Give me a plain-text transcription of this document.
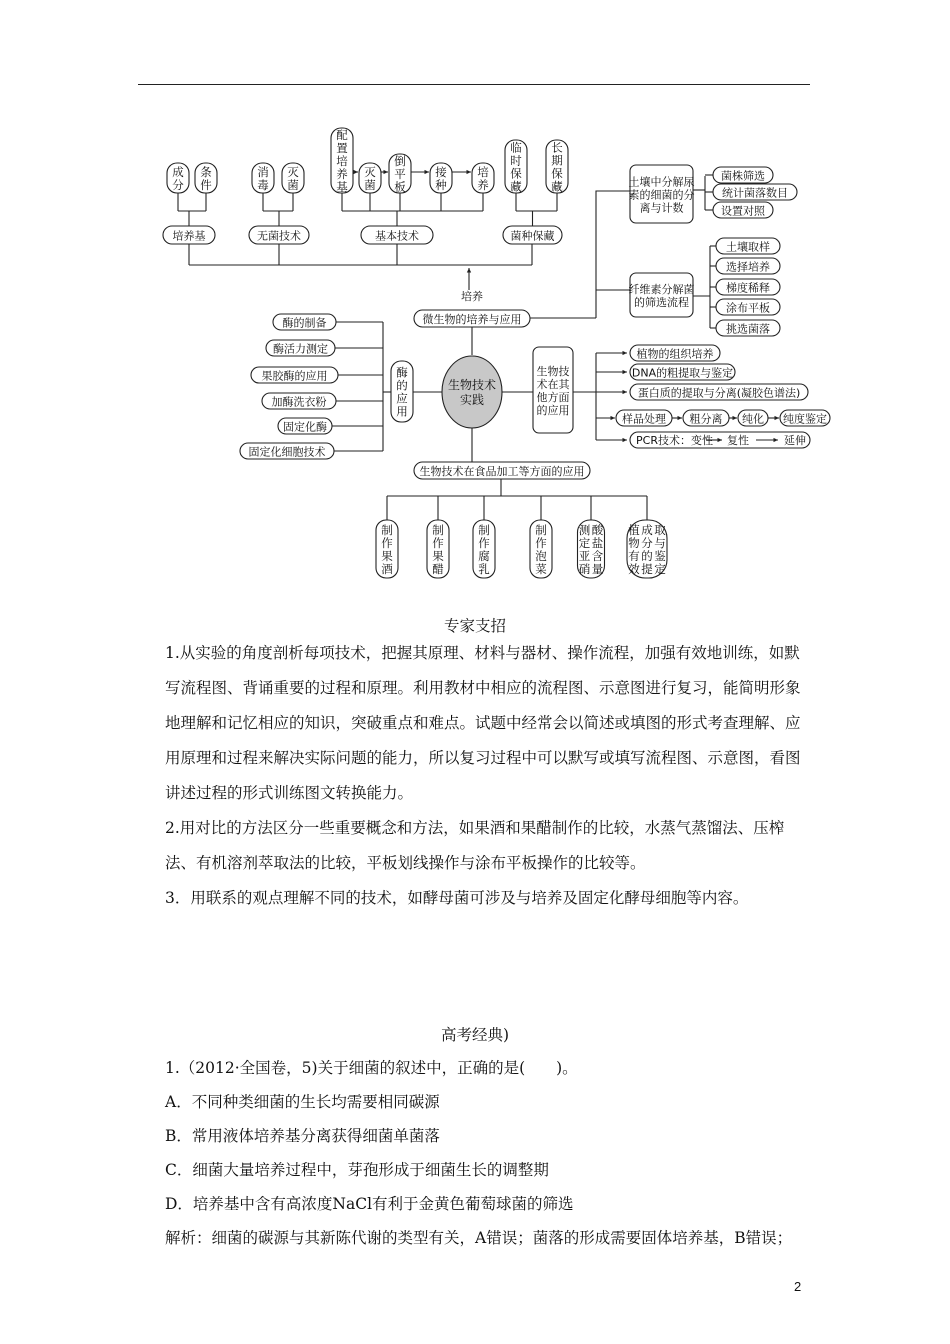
培养基
成
分
条
件
无菌技术
消
毒
灭
菌
基本技术
配
置
培
养
基
灭
菌
倒
平
板
接
种
培
养
菌种保藏
临
时
保
藏
长
期
保
藏
培养
微生物的培养与应用
土壤中分解尿
素的细菌的分
离与计数
菌株筛选
统计菌落数目
设置对照
纤维素分解菌
的筛选流程
土壤取样
选择培养
梯度稀释
涂布平板
挑选菌落
生物技术
实践
酶
的
应
用
酶的制备
酶活力测定
果胶酶的应用
加酶洗衣粉
固定化酶
固定化细胞技术
生物技
术在其
他方面
的应用
植物的组织培养
DNA的粗提取与鉴定
蛋白质的提取与分离(凝胶色谱法)
样品处理 粗分离 纯化 纯度鉴定
PCR技术：变性 复性	延伸
生物技术在食品加工等方面的应用
制
作
果
酒
制
作
果
醋
制
作
腐
乳
制
作
泡
菜
测
定
亚
硝
酸
盐
含
量
植
物
有
效
成
分
的
提
取
与
鉴
定
专家支招

1.从实验的角度剖析每项技术，把握其原理、材料与器材、操作流程，加强有效地训练，如默写流程图、背诵重要的过程和原理。利用教材中相应的流程图、示意图进行复习，能简明形象地理解和记忆相应的知识，突破重点和难点。试题中经常会以简述或填图的形式考查理解、应用原理和过程来解决实际问题的能力，所以复习过程中可以默写或填写流程图、示意图，看图讲述过程的形式训练图文转换能力。

2.用对比的方法区分一些重要概念和方法，如果酒和果醋制作的比较，水蒸气蒸馏法、压榨法、有机溶剂萃取法的比较，平板划线操作与涂布平板操作的比较等。

3．用联系的观点理解不同的技术，如酵母菌可涉及与培养及固定化酵母细胞等内容。

高考经典)
1.（2012·全国卷，5)关于细菌的叙述中，正确的是(　　)。
A．不同种类细菌的生长均需要相同碳源
B．常用液体培养基分离获得细菌单菌落
C．细菌大量培养过程中，芽孢形成于细菌生长的调整期
D．培养基中含有高浓度NaCl有利于金黄色葡萄球菌的筛选
解析：细菌的碳源与其新陈代谢的类型有关，A错误；菌落的形成需要固体培养基，B错误；
2
